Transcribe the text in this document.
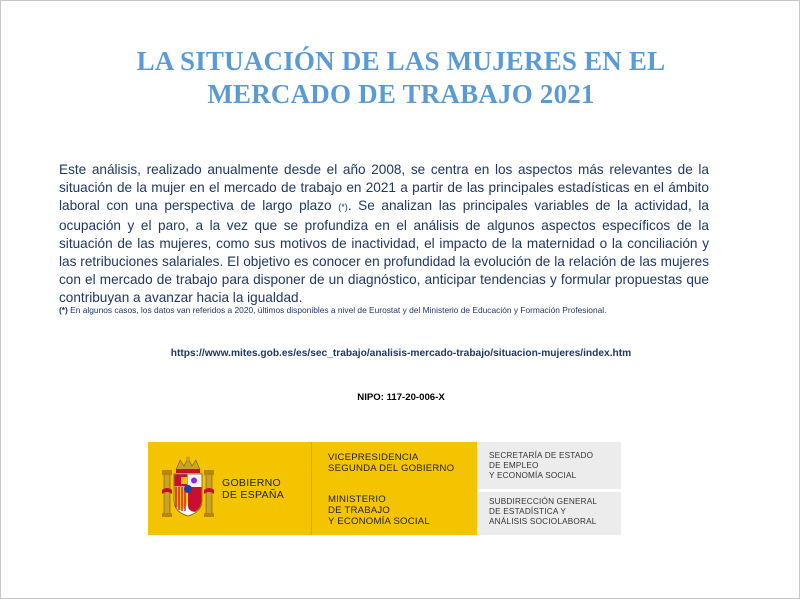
LA SITUACIÓN DE LAS MUJERES EN EL
MERCADO DE TRABAJO 2021
Este análisis, realizado anualmente desde el año 2008, se centra en los aspectos más relevantes de la situación de la mujer en el mercado de trabajo en 2021 a partir de las principales estadísticas en el ámbito laboral con una perspectiva de largo plazo (*). Se analizan las principales variables de la actividad, la ocupación y el paro, a la vez que se profundiza en el análisis de algunos aspectos específicos de la situación de las mujeres, como sus motivos de inactividad, el impacto de la maternidad o la conciliación y las retribuciones salariales. El objetivo es conocer en profundidad la evolución de la relación de las mujeres con el mercado de trabajo para disponer de un diagnóstico, anticipar tendencias y formular propuestas que contribuyan a avanzar hacia la igualdad.
(*) En algunos casos, los datos van referidos a 2020, últimos disponibles a nivel de Eurostat y del Ministerio de Educación y Formación Profesional.
https://www.mites.gob.es/es/sec_trabajo/analisis-mercado-trabajo/situacion-mujeres/index.htm
NIPO: 117-20-006-X
GOBIERNO
DE ESPAÑA
VICEPRESIDENCIA
SEGUNDA DEL GOBIERNO
MINISTERIO
DE TRABAJO
Y ECONOMÍA SOCIAL
SECRETARÍA DE ESTADO
DE EMPLEO
Y ECONOMÍA SOCIAL
SUBDIRECCIÓN GENERAL
DE ESTADÍSTICA Y
ANÁLISIS SOCIOLABORAL
